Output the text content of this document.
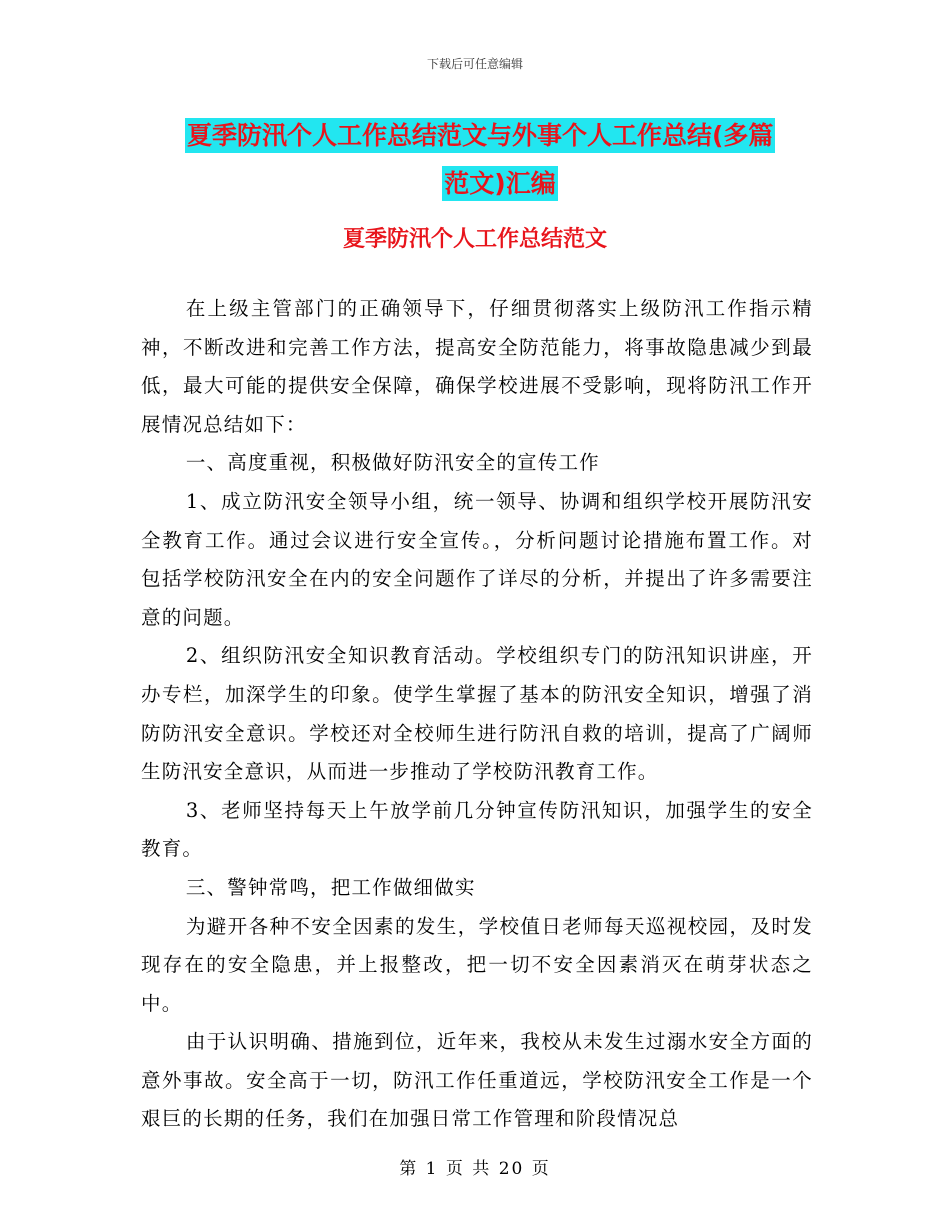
下载后可任意编辑
夏季防汛个人工作总结范文与外事个人工作总结(多篇

范文)汇编
夏季防汛个人工作总结范文

在上级主管部门的正确领导下，仔细贯彻落实上级防汛工作指示精神，不断改进和完善工作方法，提高安全防范能力，将事故隐患减少到最低，最大可能的提供安全保障，确保学校进展不受影响，现将防汛工作开展情况总结如下：

一、高度重视，积极做好防汛安全的宣传工作

1、成立防汛安全领导小组，统一领导、协调和组织学校开展防汛安全教育工作。通过会议进行安全宣传。，分析问题讨论措施布置工作。对包括学校防汛安全在内的安全问题作了详尽的分析，并提出了许多需要注意的问题。

2、组织防汛安全知识教育活动。学校组织专门的防汛知识讲座，开办专栏，加深学生的印象。使学生掌握了基本的防汛安全知识，增强了消防防汛安全意识。学校还对全校师生进行防汛自救的培训，提高了广阔师生防汛安全意识，从而进一步推动了学校防汛教育工作。

3、老师坚持每天上午放学前几分钟宣传防汛知识，加强学生的安全教育。

三、警钟常鸣，把工作做细做实

为避开各种不安全因素的发生，学校值日老师每天巡视校园，及时发现存在的安全隐患，并上报整改，把一切不安全因素消灭在萌芽状态之中。

由于认识明确、措施到位，近年来，我校从未发生过溺水安全方面的意外事故。安全高于一切，防汛工作任重道远，学校防汛安全工作是一个艰巨的长期的任务，我们在加强日常工作管理和阶段情况总

第 1 页 共 20 页
